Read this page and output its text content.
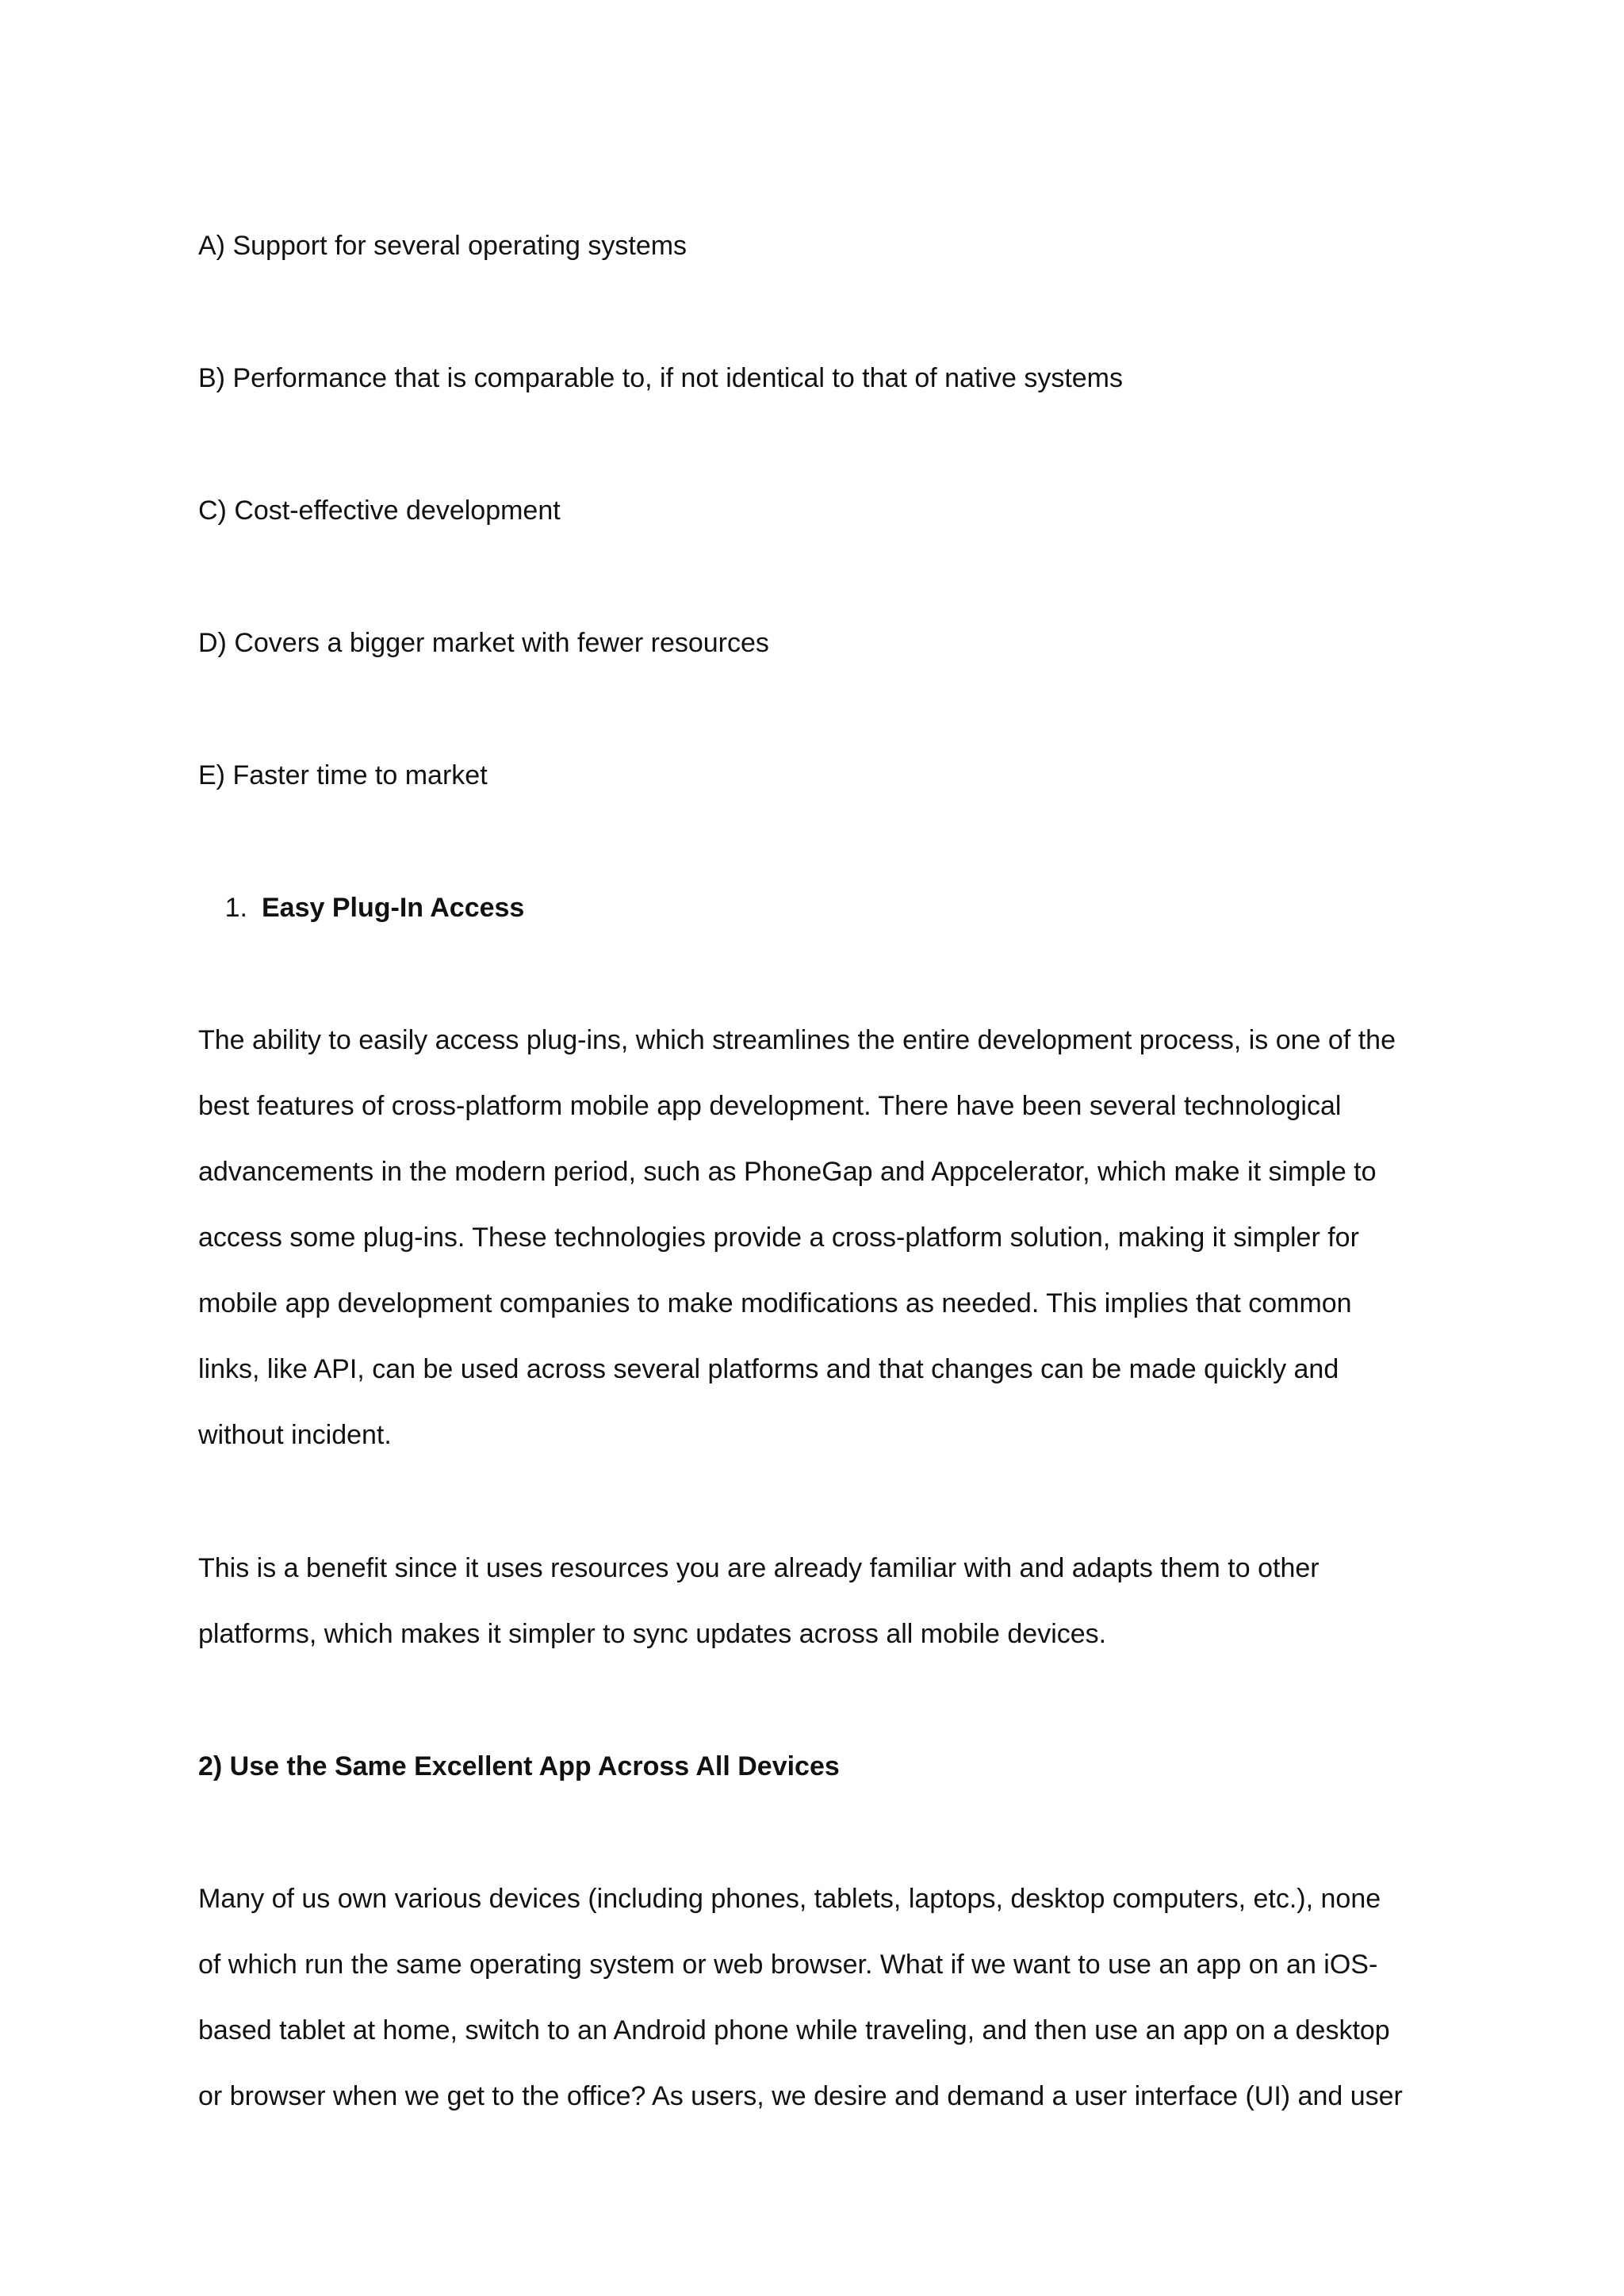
A) Support for several operating systems

B) Performance that is comparable to, if not identical to that of native systems

C) Cost-effective development

D) Covers a bigger market with fewer resources

E) Faster time to market

1. Easy Plug-In Access

The ability to easily access plug-ins, which streamlines the entire development process, is one of the
best features of cross-platform mobile app development. There have been several technological
advancements in the modern period, such as PhoneGap and Appcelerator, which make it simple to
access some plug-ins. These technologies provide a cross-platform solution, making it simpler for
mobile app development companies to make modifications as needed. This implies that common
links, like API, can be used across several platforms and that changes can be made quickly and
without incident.
This is a benefit since it uses resources you are already familiar with and adapts them to other
platforms, which makes it simpler to sync updates across all mobile devices.

2) Use the Same Excellent App Across All Devices

Many of us own various devices (including phones, tablets, laptops, desktop computers, etc.), none
of which run the same operating system or web browser. What if we want to use an app on an iOS-
based tablet at home, switch to an Android phone while traveling, and then use an app on a desktop
or browser when we get to the office? As users, we desire and demand a user interface (UI) and user
